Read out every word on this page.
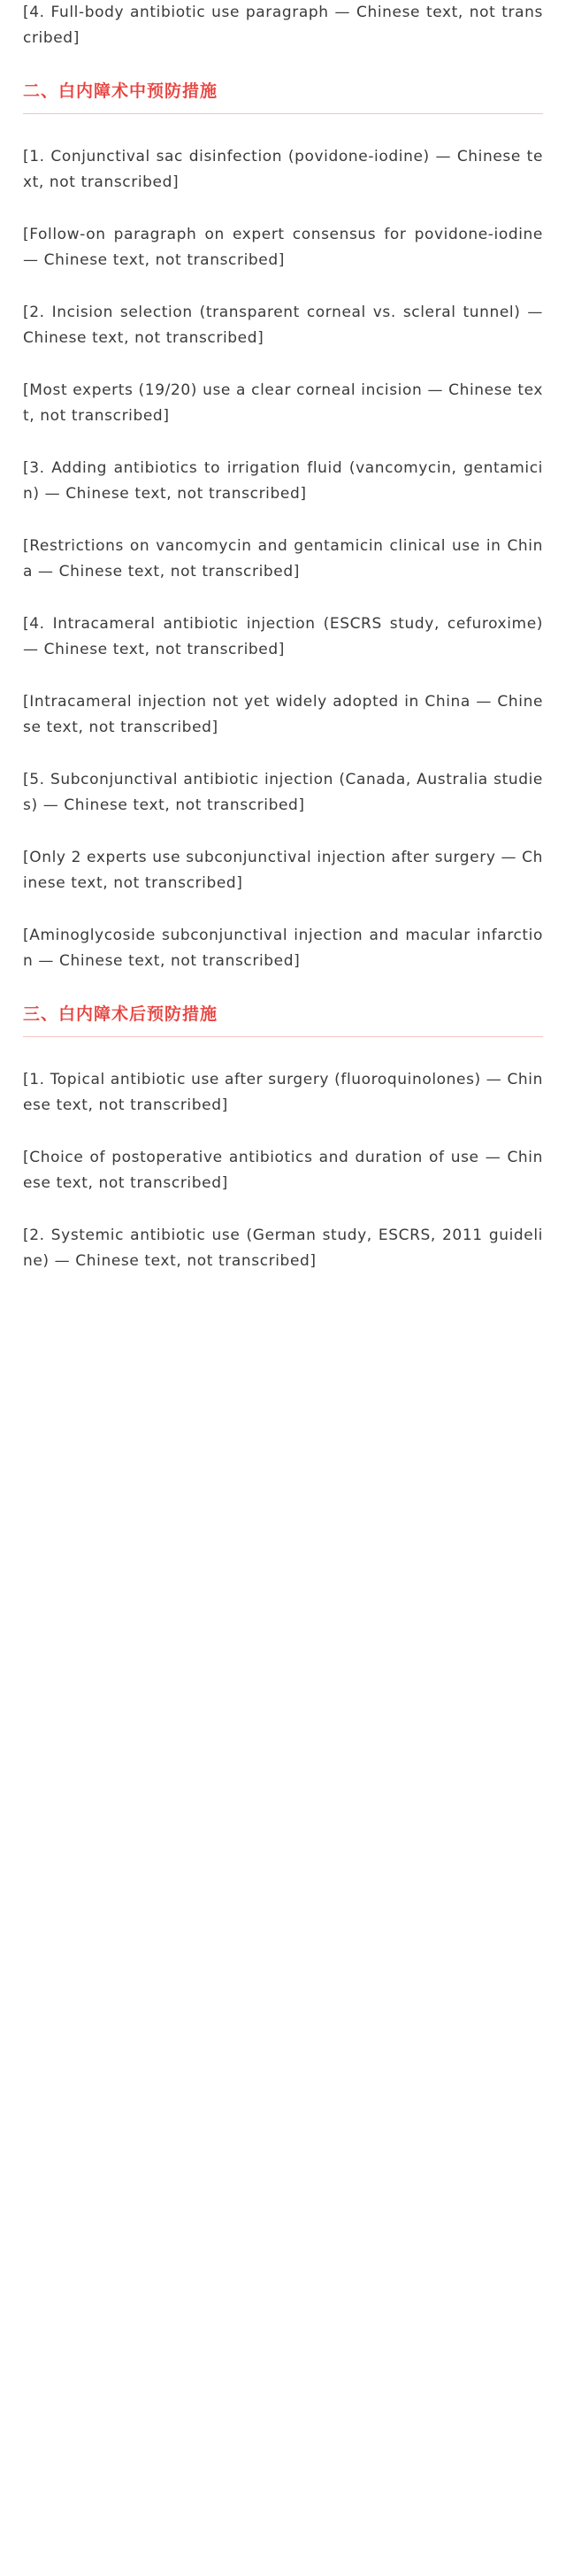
[4. Full-body antibiotic use paragraph — Chinese text, not transcribed]

二、白内障术中预防措施

[1. Conjunctival sac disinfection (povidone-iodine) — Chinese text, not transcribed]

[Follow-on paragraph on expert consensus for povidone-iodine — Chinese text, not transcribed]

[2. Incision selection (transparent corneal vs. scleral tunnel) — Chinese text, not transcribed]

[Most experts (19/20) use a clear corneal incision — Chinese text, not transcribed]

[3. Adding antibiotics to irrigation fluid (vancomycin, gentamicin) — Chinese text, not transcribed]

[Restrictions on vancomycin and gentamicin clinical use in China — Chinese text, not transcribed]

[4. Intracameral antibiotic injection (ESCRS study, cefuroxime) — Chinese text, not transcribed]

[Intracameral injection not yet widely adopted in China — Chinese text, not transcribed]

[5. Subconjunctival antibiotic injection (Canada, Australia studies) — Chinese text, not transcribed]

[Only 2 experts use subconjunctival injection after surgery — Chinese text, not transcribed]

[Aminoglycoside subconjunctival injection and macular infarction — Chinese text, not transcribed]

三、白内障术后预防措施

[1. Topical antibiotic use after surgery (fluoroquinolones) — Chinese text, not transcribed]

[Choice of postoperative antibiotics and duration of use — Chinese text, not transcribed]

[2. Systemic antibiotic use (German study, ESCRS, 2011 guideline) — Chinese text, not transcribed]
